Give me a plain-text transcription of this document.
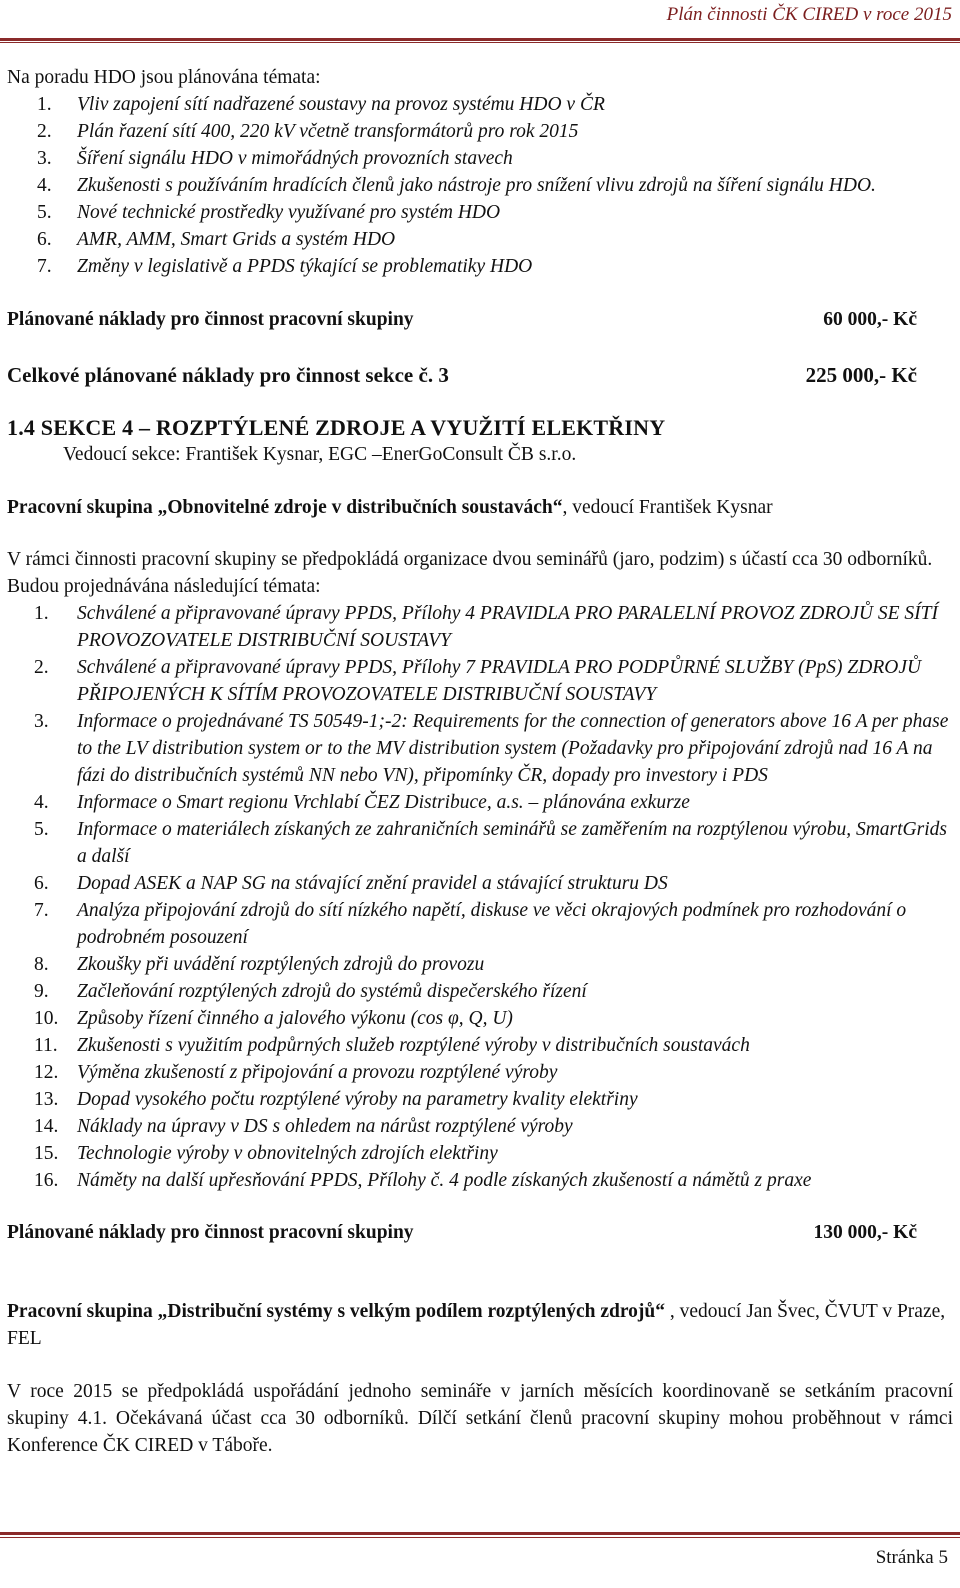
Plán činnosti ČK CIRED v roce 2015

Na poradu HDO jsou plánována témata:

1. Vliv zapojení sítí nadřazené soustavy na provoz systému HDO v ČR
2. Plán řazení sítí 400, 220 kV včetně transformátorů pro rok 2015
3. Šíření signálu HDO v mimořádných provozních stavech
4. Zkušenosti s používáním hradících členů jako nástroje pro snížení vlivu zdrojů na šíření signálu HDO.
5. Nové technické prostředky využívané pro systém HDO
6. AMR, AMM, Smart Grids a systém HDO
7. Změny v legislativě a PPDS týkající se problematiky HDO
Plánované náklady pro činnost pracovní skupiny	60 000,- Kč
Celkové plánované náklady pro činnost sekce č. 3	225 000,- Kč

1.4 SEKCE 4 – ROZPTÝLENÉ ZDROJE A VYUŽITÍ ELEKTŘINY

Vedoucí sekce: František Kysnar, EGC –EnerGoConsult ČB s.r.o.

Pracovní skupina „Obnovitelné zdroje v distribučních soustavách“, vedoucí František Kysnar

V rámci činnosti pracovní skupiny se předpokládá organizace dvou seminářů (jaro, podzim) s účastí cca 30 odborníků. Budou projednávána následující témata:

1. Schválené a připravované úpravy PPDS, Přílohy 4 PRAVIDLA PRO PARALELNÍ PROVOZ ZDROJŮ SE SÍTÍ PROVOZOVATELE DISTRIBUČNÍ SOUSTAVY
2. Schválené a připravované úpravy PPDS, Přílohy 7 PRAVIDLA PRO PODPŮRNÉ SLUŽBY (PpS) ZDROJŮ PŘIPOJENÝCH K SÍTÍM PROVOZOVATELE DISTRIBUČNÍ SOUSTAVY
3. Informace o projednávané TS 50549-1;-2: Requirements for the connection of generators above 16 A per phase to the LV distribution system or to the MV distribution system (Požadavky pro připojování zdrojů nad 16 A na fázi do distribučních systémů NN nebo VN), připomínky ČR, dopady pro investory i PDS
4. Informace o Smart regionu Vrchlabí ČEZ Distribuce, a.s. – plánována exkurze
5. Informace o materiálech získaných ze zahraničních seminářů se zaměřením na rozptýlenou výrobu, SmartGrids a další
6. Dopad ASEK a NAP SG na stávající znění pravidel a stávající strukturu DS
7. Analýza připojování zdrojů do sítí nízkého napětí, diskuse ve věci okrajových podmínek pro rozhodování o podrobném posouzení
8. Zkoušky při uvádění rozptýlených zdrojů do provozu
9. Začleňování rozptýlených zdrojů do systémů dispečerského řízení
10. Způsoby řízení činného a jalového výkonu (cos φ, Q, U)
11. Zkušenosti s využitím podpůrných služeb rozptýlené výroby v distribučních soustavách
12. Výměna zkušeností z připojování a provozu rozptýlené výroby
13. Dopad vysokého počtu rozptýlené výroby na parametry kvality elektřiny
14. Náklady na úpravy v DS s ohledem na nárůst rozptýlené výroby
15. Technologie výroby v obnovitelných zdrojích elektřiny
16. Náměty na další upřesňování PPDS, Přílohy č. 4 podle získaných zkušeností a námětů z praxe
Plánované náklady pro činnost pracovní skupiny	130 000,- Kč

Pracovní skupina „Distribuční systémy s velkým podílem rozptýlených zdrojů“ , vedoucí Jan Švec, ČVUT v Praze, FEL

V roce 2015 se předpokládá uspořádání jednoho semináře v jarních měsících koordinovaně se setkáním pracovní skupiny 4.1. Očekávaná účast cca 30 odborníků. Dílčí setkání členů pracovní skupiny mohou proběhnout v rámci Konference ČK CIRED v Táboře.

Stránka 5
